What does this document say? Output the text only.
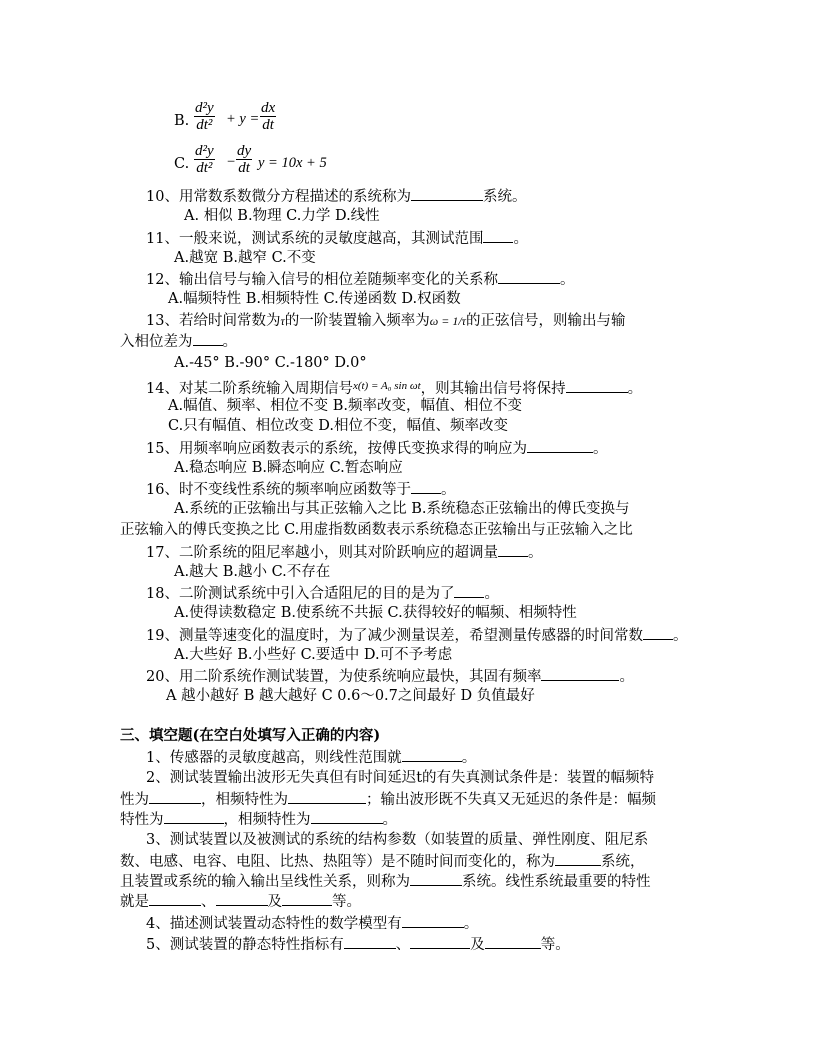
B. $\frac{\text{d²y}}{\text{dt²}} + y = \frac{dx}{dt}$
C. $\frac{\text{d²y}}{\text{dt²}} - \frac{dy}{dt}$ y = 10x + 5
10、用常数系数微分方程描述的系统称为	系统。
A. 相似 B.物理 C.力学 D.线性
11、一般来说，测试系统的灵敏度越高，其测试范围 。
A.越宽 B.越窄 C.不变
12、输出信号与输入信号的相位差随频率变化的关系称	。
A.幅频特性 B.相频特性 C.传递函数 D.权函数
13、若给时间常数为τ的一阶装置输入频率为ω = 1/τ的正弦信号，则输出与输
入相位差为 。
A.-45° B.-90° C.-180° D.0°
14、对某二阶系统输入周期信号$^{x(t) = A_0 sin \omega t}$，则其输出信号将保持	。
A.幅值、频率、相位不变 B.频率改变，幅值、相位不变
C.只有幅值、相位改变 D.相位不变，幅值、频率改变
15、用频率响应函数表示的系统，按傅氏变换求得的响应为	。
A.稳态响应 B.瞬态响应 C.暂态响应
16、时不变线性系统的频率响应函数等于 。
A.系统的正弦输出与其正弦输入之比 B.系统稳态正弦输出的傅氏变换与
正弦输入的傅氏变换之比 C.用虚指数函数表示系统稳态正弦输出与正弦输入之比
17、二阶系统的阻尼率越小，则其对阶跃响应的超调量 。
A.越大 B.越小 C.不存在
18、二阶测试系统中引入合适阻尼的目的是为了 。
A.使得读数稳定 B.使系统不共振 C.获得较好的幅频、相频特性
19、测量等速变化的温度时，为了减少测量误差，希望测量传感器的时间常数 。
A.大些好 B.小些好 C.要适中 D.可不予考虑
20、用二阶系统作测试装置，为使系统响应最快，其固有频率	。
A 越小越好 B 越大越好 C 0.6～0.7之间最好 D 负值最好
三、填空题(在空白处填写入正确的内容)
1、传感器的灵敏度越高，则线性范围就	。
2、测试装置输出波形无失真但有时间延迟t的有失真测试条件是：装置的幅频特
性为	，相频特性为	；输出波形既不失真又无延迟的条件是：幅频
特性为	，相频特性为	。
3、测试装置以及被测试的系统的结构参数（如装置的质量、弹性刚度、阻尼系
数、电感、电容、电阻、比热、热阻等）是不随时间而变化的，称为	系统，
且装置或系统的输入输出呈线性关系，则称为	系统。线性系统最重要的特性
就是	、	及	等。
4、描述测试装置动态特性的数学模型有	。
5、测试装置的静态特性指标有	、	及	等。
